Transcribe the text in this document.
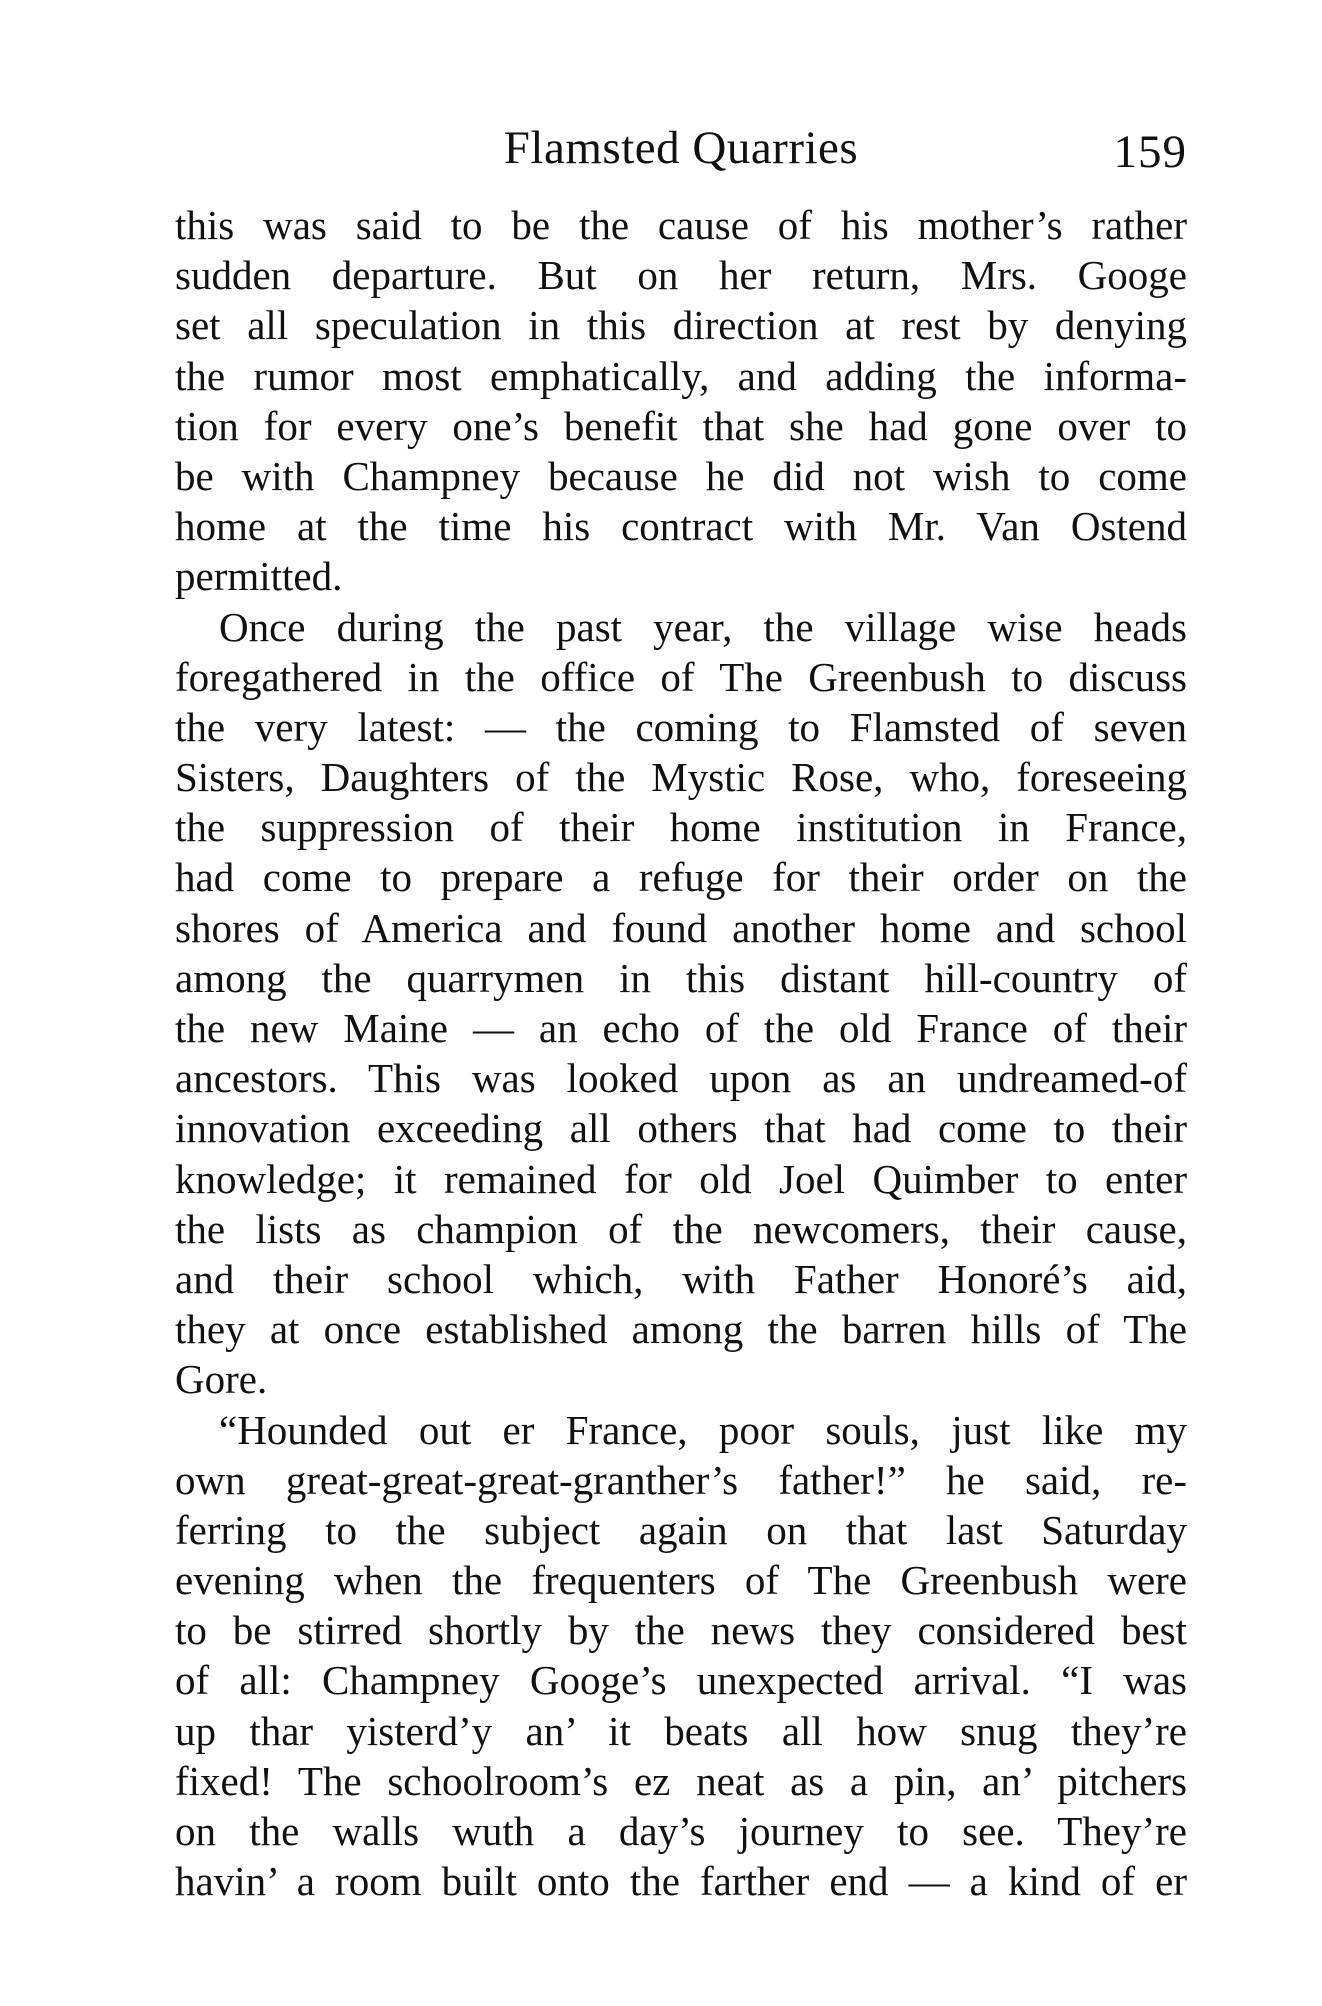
Flamsted Quarries	159
this was said to be the cause of his mother’s rather
sudden departure. But on her return, Mrs. Googe
set all speculation in this direction at rest by denying
the rumor most emphatically, and adding the informa-
tion for every one’s benefit that she had gone over to
be with Champney because he did not wish to come
home at the time his contract with Mr. Van Ostend
permitted.
Once during the past year, the village wise heads
foregathered in the office of The Greenbush to discuss
the very latest: — the coming to Flamsted of seven
Sisters, Daughters of the Mystic Rose, who, foreseeing
the suppression of their home institution in France,
had come to prepare a refuge for their order on the
shores of America and found another home and school
among the quarrymen in this distant hill-country of
the new Maine — an echo of the old France of their
ancestors. This was looked upon as an undreamed-of
innovation exceeding all others that had come to their
knowledge; it remained for old Joel Quimber to enter
the lists as champion of the newcomers, their cause,
and their school which, with Father Honoré’s aid,
they at once established among the barren hills of The
Gore.
“Hounded out er France, poor souls, just like my
own great-great-great-granther’s father!” he said, re-
ferring to the subject again on that last Saturday
evening when the frequenters of The Greenbush were
to be stirred shortly by the news they considered best
of all: Champney Googe’s unexpected arrival. “I was
up thar yisterd’y an’ it beats all how snug they’re
fixed! The schoolroom’s ez neat as a pin, an’ pitchers
on the walls wuth a day’s journey to see. They’re
havin’ a room built onto the farther end — a kind of er
